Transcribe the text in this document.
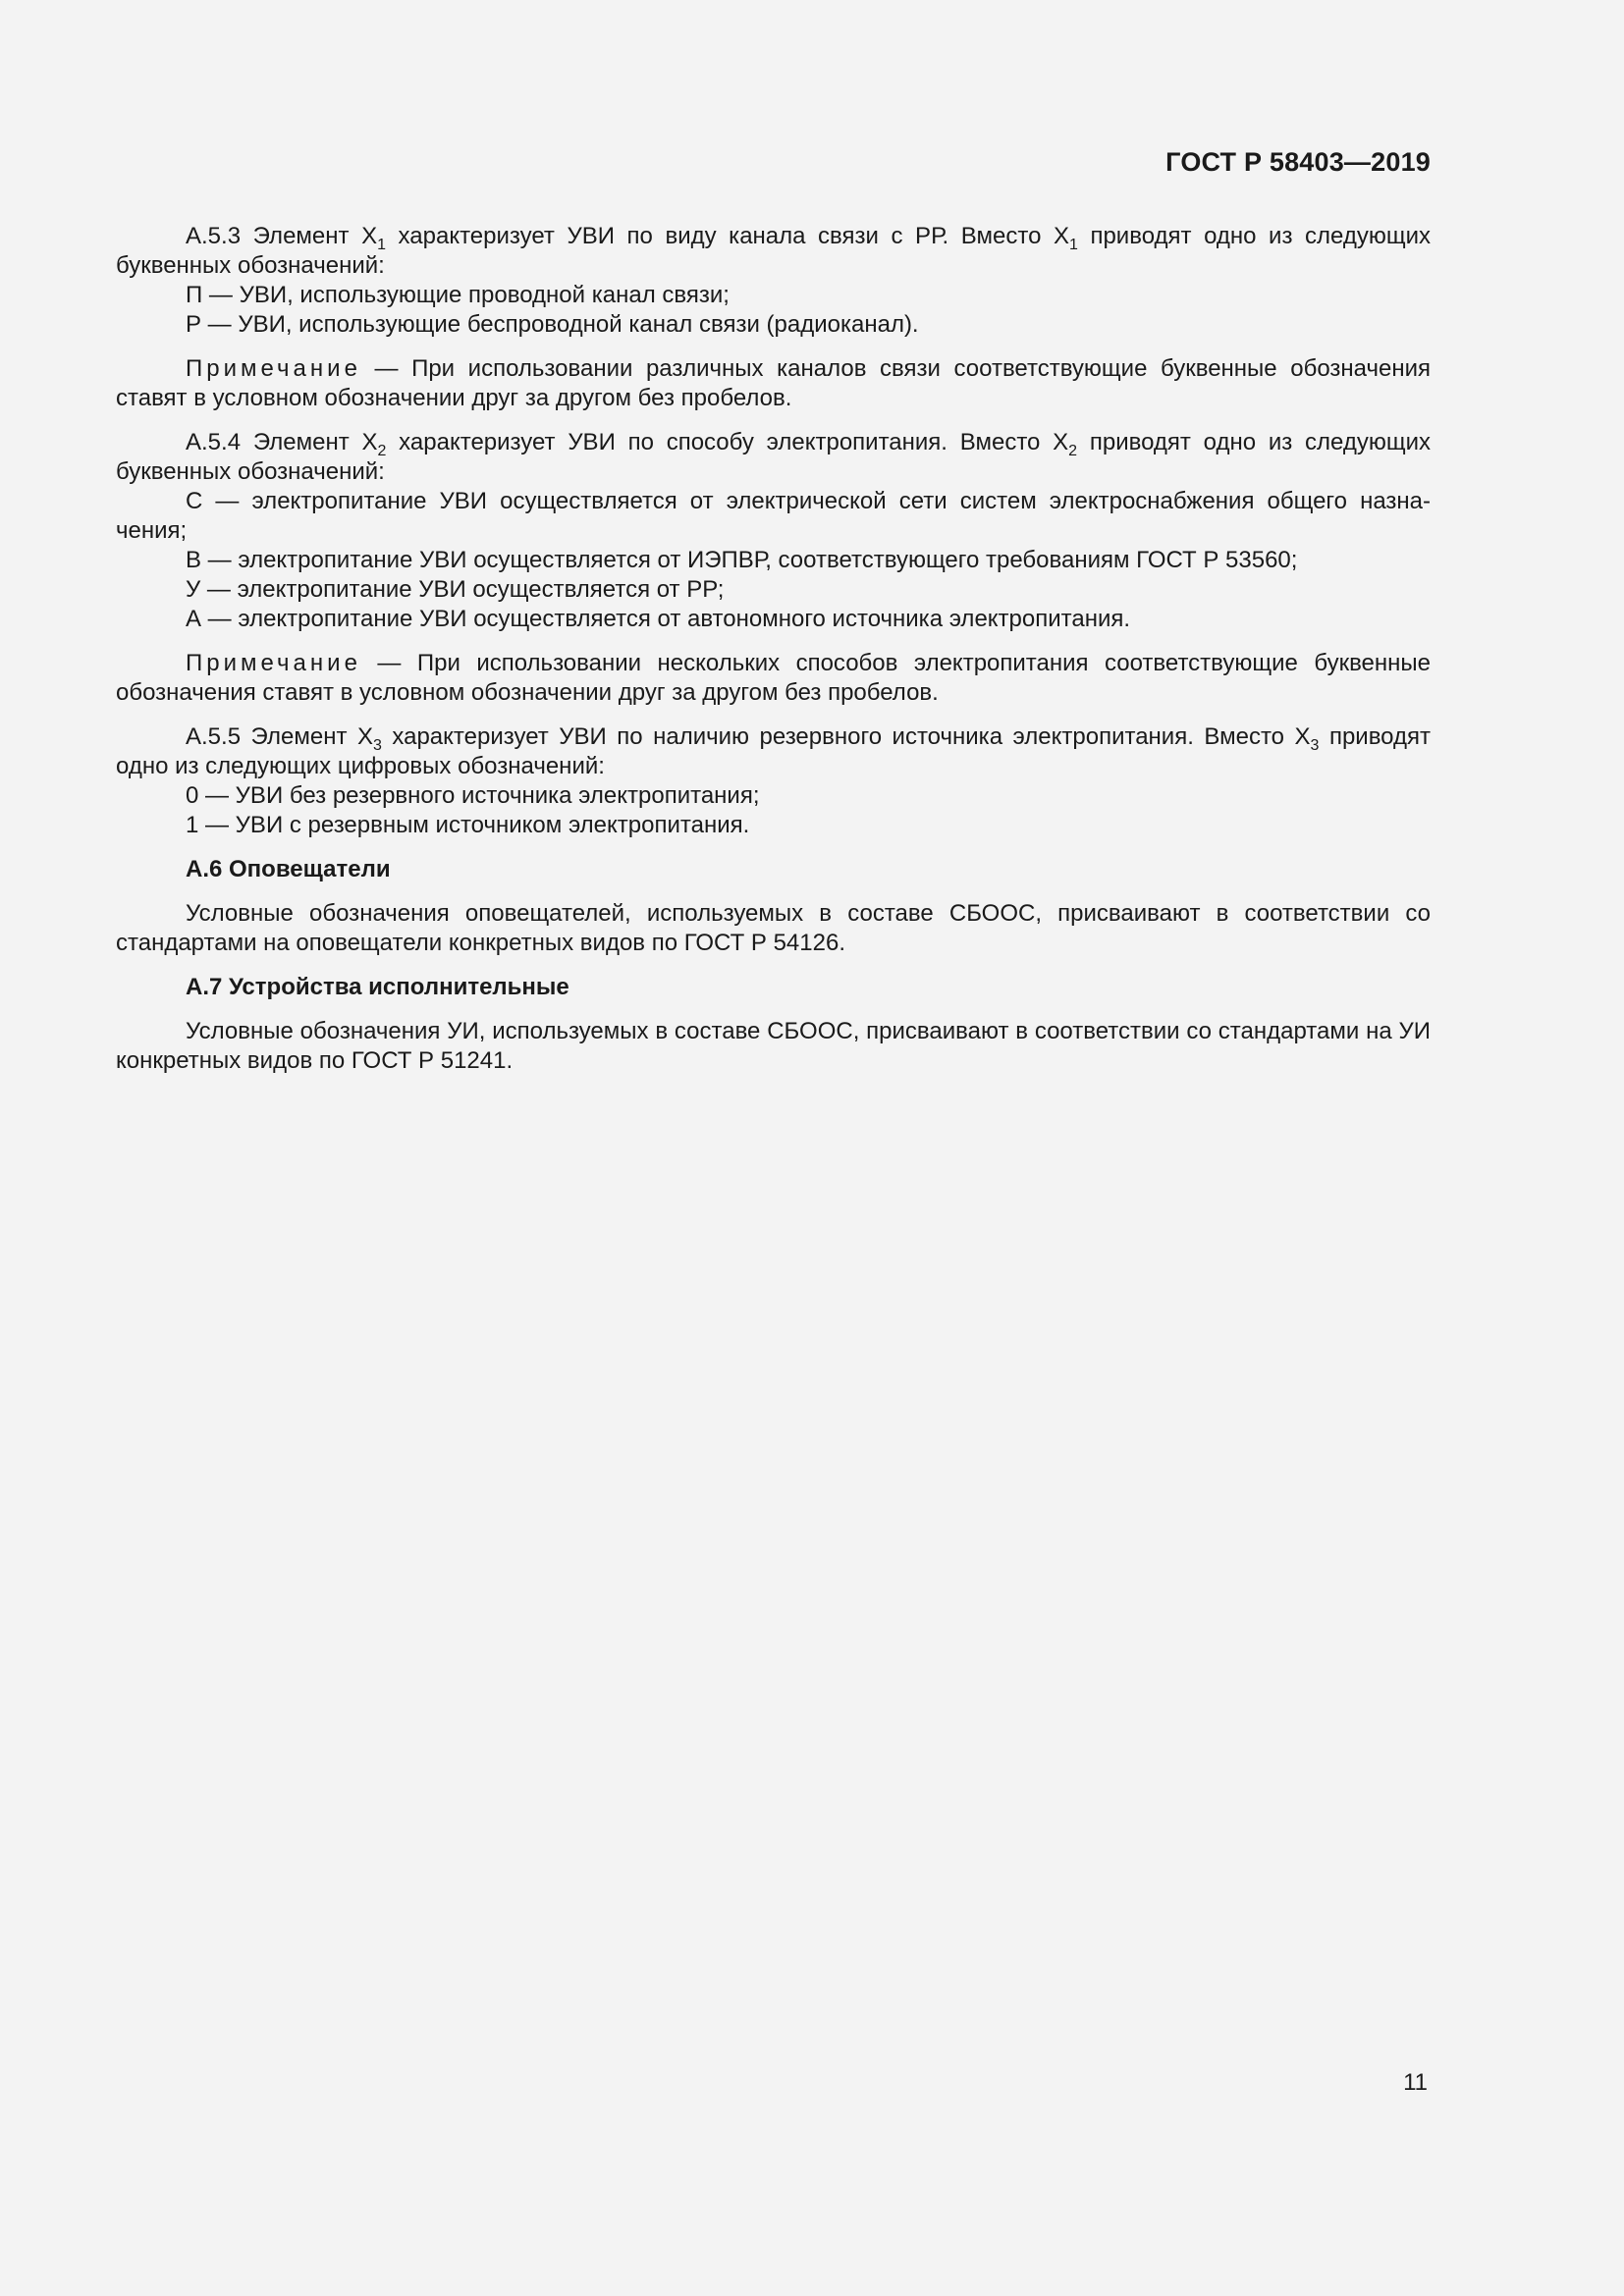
ГОСТ Р 58403—2019

А.5.3 Элемент $Х_1$ характеризует УВИ по виду канала связи с РР. Вместо $Х_1$ приводят одно из следующих буквенных обозначений:

П — УВИ, использующие проводной канал связи;

Р — УВИ, использующие беспроводной канал связи (радиоканал).

Примечание — При использовании различных каналов связи соответствующие буквенные обозначения ставят в условном обозначении друг за другом без пробелов.

А.5.4 Элемент $Х_2$ характеризует УВИ по способу электропитания. Вместо $Х_2$ приводят одно из следующих буквенных обозначений:

С — электропитание УВИ осуществляется от электрической сети систем электроснабжения общего назна-чения;

В — электропитание УВИ осуществляется от ИЭПВР, соответствующего требованиям ГОСТ Р 53560;

У — электропитание УВИ осуществляется от РР;

А — электропитание УВИ осуществляется от автономного источника электропитания.

Примечание — При использовании нескольких способов электропитания соответствующие буквенные обозначения ставят в условном обозначении друг за другом без пробелов.

А.5.5 Элемент $Х_3$ характеризует УВИ по наличию резервного источника электропитания. Вместо $Х_3$ приводят одно из следующих цифровых обозначений:

0 — УВИ без резервного источника электропитания;

1 — УВИ с резервным источником электропитания.

А.6 Оповещатели

Условные обозначения оповещателей, используемых в составе СБООС, присваивают в соответствии со стандартами на оповещатели конкретных видов по ГОСТ Р 54126.

А.7 Устройства исполнительные

Условные обозначения УИ, используемых в составе СБООС, присваивают в соответствии со стандартами на УИ конкретных видов по ГОСТ Р 51241.

11
